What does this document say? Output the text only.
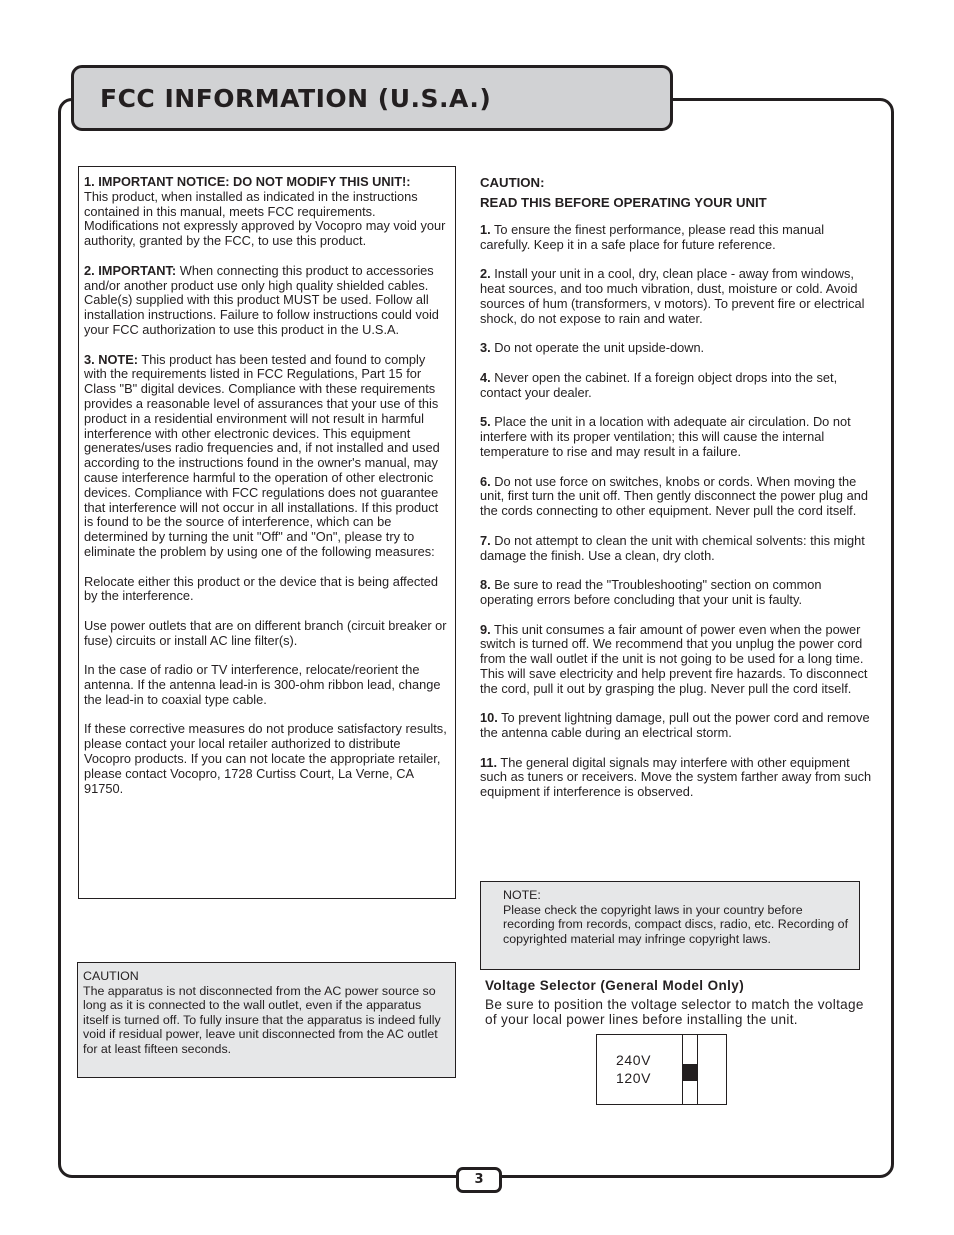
FCC INFORMATION (U.S.A.)

1. IMPORTANT NOTICE: DO NOT MODIFY THIS UNIT!:
This product, when installed as indicated in the instructions contained in this manual, meets FCC requirements. Modifications not expressly approved by Vocopro may void your authority, granted by the FCC, to use this product.

2. IMPORTANT: When connecting this product to accessories and/or another product use only high quality shielded cables. Cable(s) supplied with this product MUST be used. Follow all installation instructions. Failure to follow instructions could void your FCC authorization to use this product in the U.S.A.

3. NOTE: This product has been tested and found to comply with the requirements listed in FCC Regulations, Part 15 for Class "B" digital devices. Compliance with these requirements provides a reasonable level of assurances that your use of this product in a residential environment will not result in harmful interference with other electronic devices. This equipment generates/uses radio frequencies and, if not installed and used according to the instructions found in the owner's manual, may cause interference harmful to the operation of other electronic devices. Compliance with FCC regulations does not guarantee that interference will not occur in all installations. If this product is found to be the source of interference, which can be determined by turning the unit "Off" and "On", please try to eliminate the problem by using one of the following measures:

Relocate either this product or the device that is being affected by the interference.

Use power outlets that are on different branch (circuit breaker or fuse) circuits or install AC line filter(s).

In the case of radio or TV interference, relocate/reorient the antenna. If the antenna lead-in is 300-ohm ribbon lead, change the lead-in to coaxial type cable.

If these corrective measures do not produce satisfactory results, please contact your local retailer authorized to distribute Vocopro products. If you can not locate the appropriate retailer, please contact Vocopro, 1728 Curtiss Court, La Verne, CA 91750.

CAUTION

The apparatus is not disconnected from the AC power source so long as it is connected to the wall outlet, even if the apparatus itself is turned off. To fully insure that the apparatus is indeed fully void if residual power, leave unit disconnected from the AC outlet for at least fifteen seconds.

CAUTION:
READ THIS BEFORE OPERATING YOUR UNIT

1. To ensure the finest performance, please read this manual carefully. Keep it in a safe place for future reference.

2. Install your unit in a cool, dry, clean place - away from windows, heat sources, and too much vibration, dust, moisture or cold. Avoid sources of hum (transformers, v motors). To prevent fire or electrical shock, do not expose to rain and water.

3. Do not operate the unit upside-down.

4. Never open the cabinet. If a foreign object drops into the set, contact your dealer.

5. Place the unit in a location with adequate air circulation. Do not interfere with its proper ventilation; this will cause the internal temperature to rise and may result in a failure.

6. Do not use force on switches, knobs or cords. When moving the unit, first turn the unit off. Then gently disconnect the power plug and the cords connecting to other equipment. Never pull the cord itself.

7. Do not attempt to clean the unit with chemical solvents: this might damage the finish. Use a clean, dry cloth.

8. Be sure to read the "Troubleshooting" section on common operating errors before concluding that your unit is faulty.

9. This unit consumes a fair amount of power even when the power switch is turned off. We recommend that you unplug the power cord from the wall outlet if the unit is not going to be used for a long time. This will save electricity and help prevent fire hazards. To disconnect the cord, pull it out by grasping the plug. Never pull the cord itself.

10. To prevent lightning damage, pull out the power cord and remove the antenna cable during an electrical storm.

11. The general digital signals may interfere with other equipment such as tuners or receivers. Move the system farther away from such equipment if interference is observed.

NOTE:

Please check the copyright laws in your country before recording from records, compact discs, radio, etc. Recording of copyrighted material may infringe copyright laws.

Voltage Selector (General Model Only)
Be sure to position the voltage selector to match the voltage of your local power lines before installing the unit.
240V
120V
3
